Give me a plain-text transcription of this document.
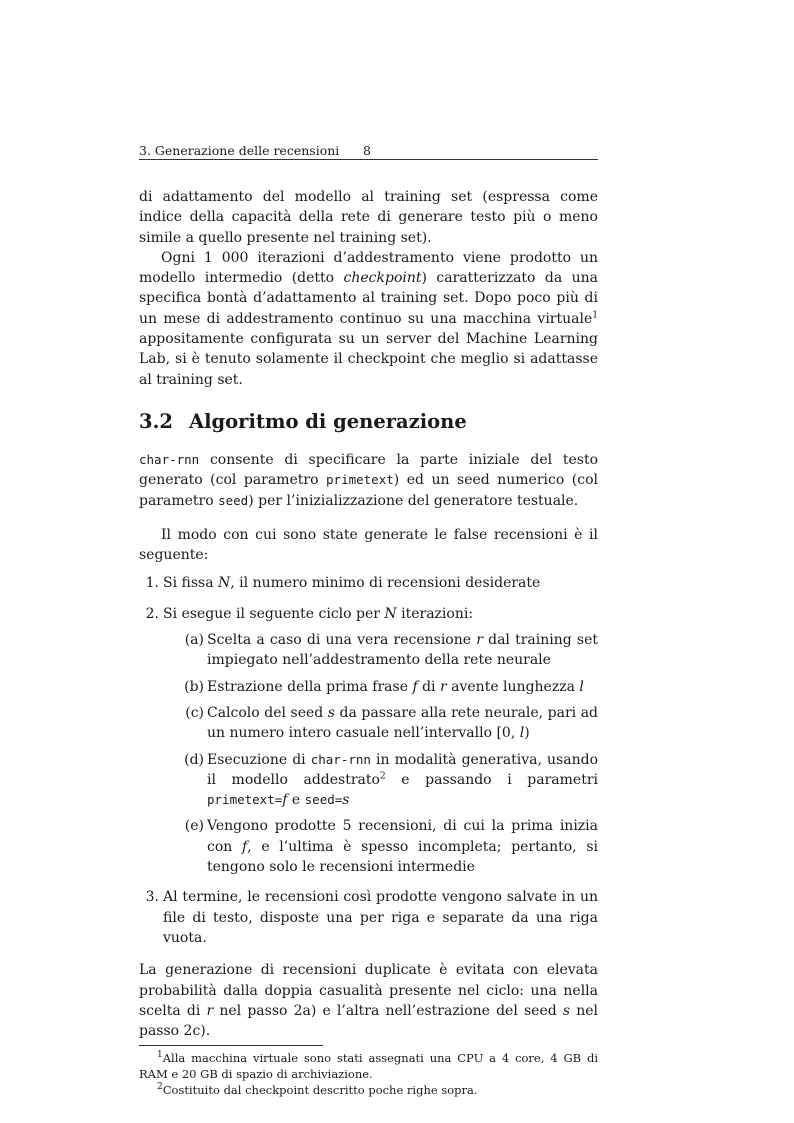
3. Generazione delle recensioni 8

di adattamento del modello al training set (espressa come indice della capacità della rete di generare testo più o meno simile a quello presente nel training set).

Ogni 1 000 iterazioni d’addestramento viene prodotto un modello intermedio (detto checkpoint) caratterizzato da una specifica bontà d’adattamento al training set. Dopo poco più di un mese di addestramento continuo su una macchina virtuale$^1$ appositamente configurata su un server del Machine Learning Lab, si è tenuto solamente il checkpoint che meglio si adattasse al training set.

3.2 Algoritmo di generazione

char-rnn consente di specificare la parte iniziale del testo generato (col parametro primetext) ed un seed numerico (col parametro seed) per l’inizializzazione del generatore testuale.

Il modo con cui sono state generate le false recensioni è il seguente:

1. Si fissa N, il numero minimo di recensioni desiderate
2. Si esegue il seguente ciclo per N iterazioni:
(a) Scelta a caso di una vera recensione r dal training set impiegato nell’addestramento della rete neurale
(b) Estrazione della prima frase f di r avente lunghezza l
(c) Calcolo del seed s da passare alla rete neurale, pari ad un numero intero casuale nell’intervallo [0, l)
(d) Esecuzione di char-rnn in modalità generativa, usando il modello addestrato$^2$ e passando i parametri primetext=f e seed=s
(e) Vengono prodotte 5 recensioni, di cui la prima inizia con f, e l’ultima è spesso incompleta; pertanto, si tengono solo le recensioni intermedie
3. Al termine, le recensioni così prodotte vengono salvate in un file di testo, disposte una per riga e separate da una riga vuota.

La generazione di recensioni duplicate è evitata con elevata probabilità dalla doppia casualità presente nel ciclo: una nella scelta di r nel passo 2a) e l’altra nell’estrazione del seed s nel passo 2c).

$^1$Alla macchina virtuale sono stati assegnati una CPU a 4 core, 4 GB di RAM e 20 GB di spazio di archiviazione.

$^2$Costituito dal checkpoint descritto poche righe sopra.
